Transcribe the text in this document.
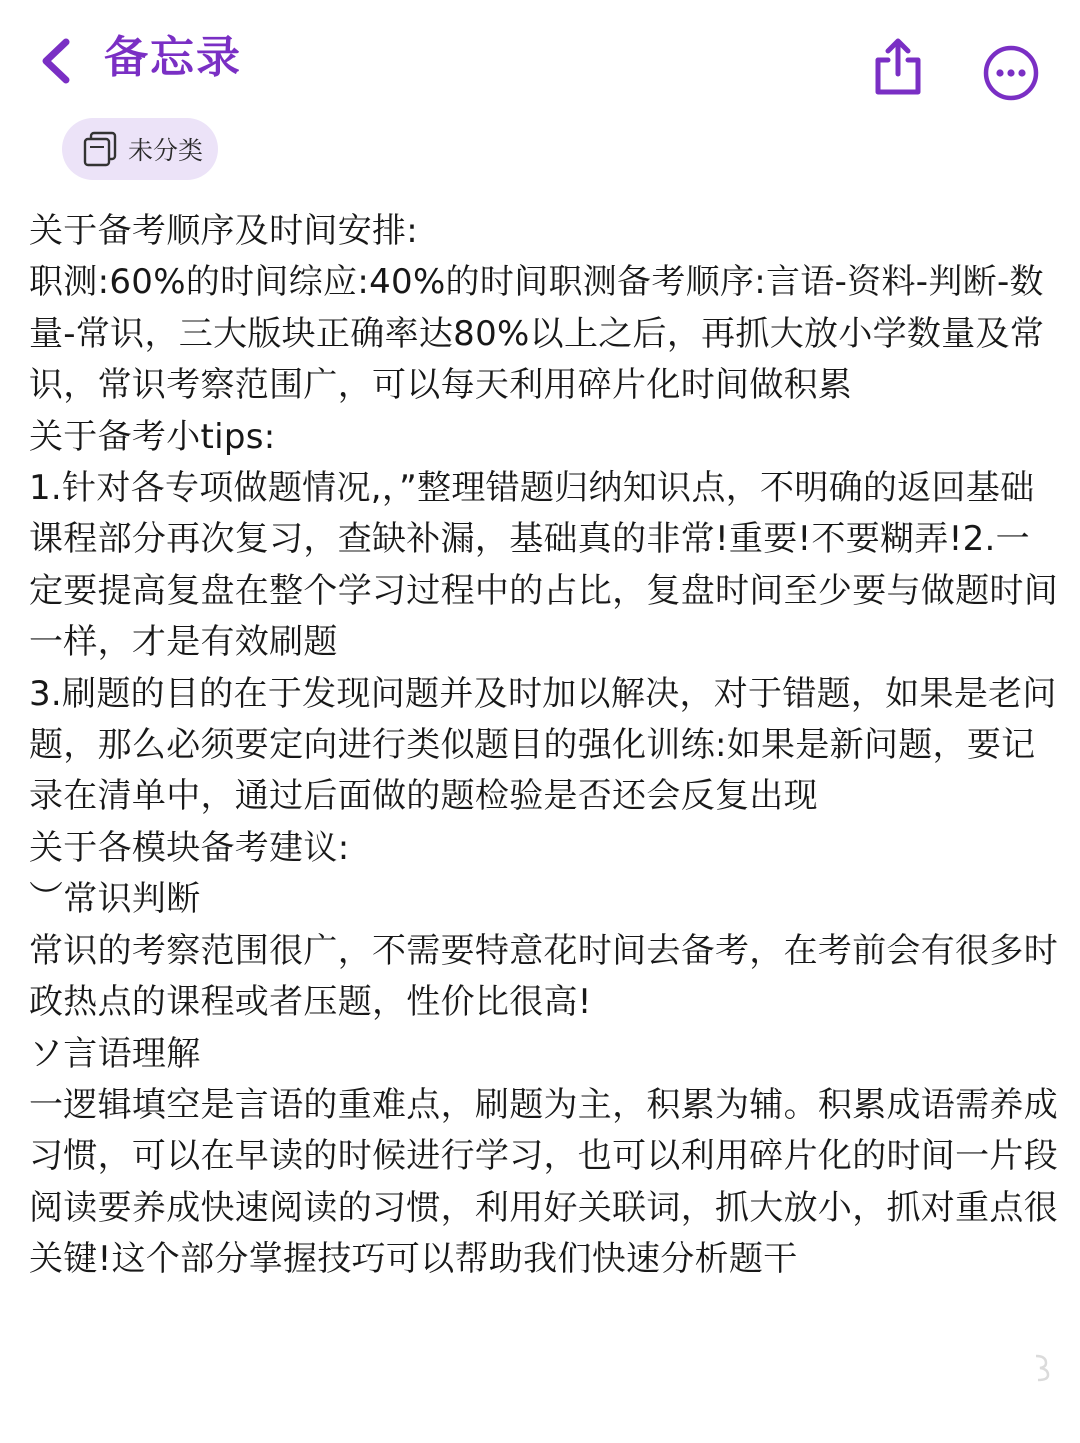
备忘录
未分类

关于备考顺序及时间安排:

职测:60%的时间综应:40%的时间职测备考顺序:言语-资料-判断-数量-常识，三大版块正确率达80%以上之后，再抓大放小学数量及常识，常识考察范围广，可以每天利用碎片化时间做积累

关于备考小tips:

1.针对各专项做题情况,，”整理错题归纳知识点，不明确的返回基础课程部分再次复习，查缺补漏，基础真的非常!重要!不要糊弄!2.一定要提高复盘在整个学习过程中的占比，复盘时间至少要与做题时间一样，才是有效刷题

3.刷题的目的在于发现问题并及时加以解决，对于错题，如果是老问题，那么必须要定向进行类似题目的强化训练:如果是新问题，要记录在清单中，通过后面做的题检验是否还会反复出现

关于各模块备考建议:

︶常识判断

常识的考察范围很广，不需要特意花时间去备考，在考前会有很多时政热点的课程或者压题，性价比很高!

ソ言语理解

一逻辑填空是言语的重难点，刷题为主，积累为辅。积累成语需养成习惯，可以在早读的时候进行学习，也可以利用碎片化的时间一片段阅读要养成快速阅读的习惯，利用好关联词，抓大放小，抓对重点很关键!这个部分掌握技巧可以帮助我们快速分析题干
